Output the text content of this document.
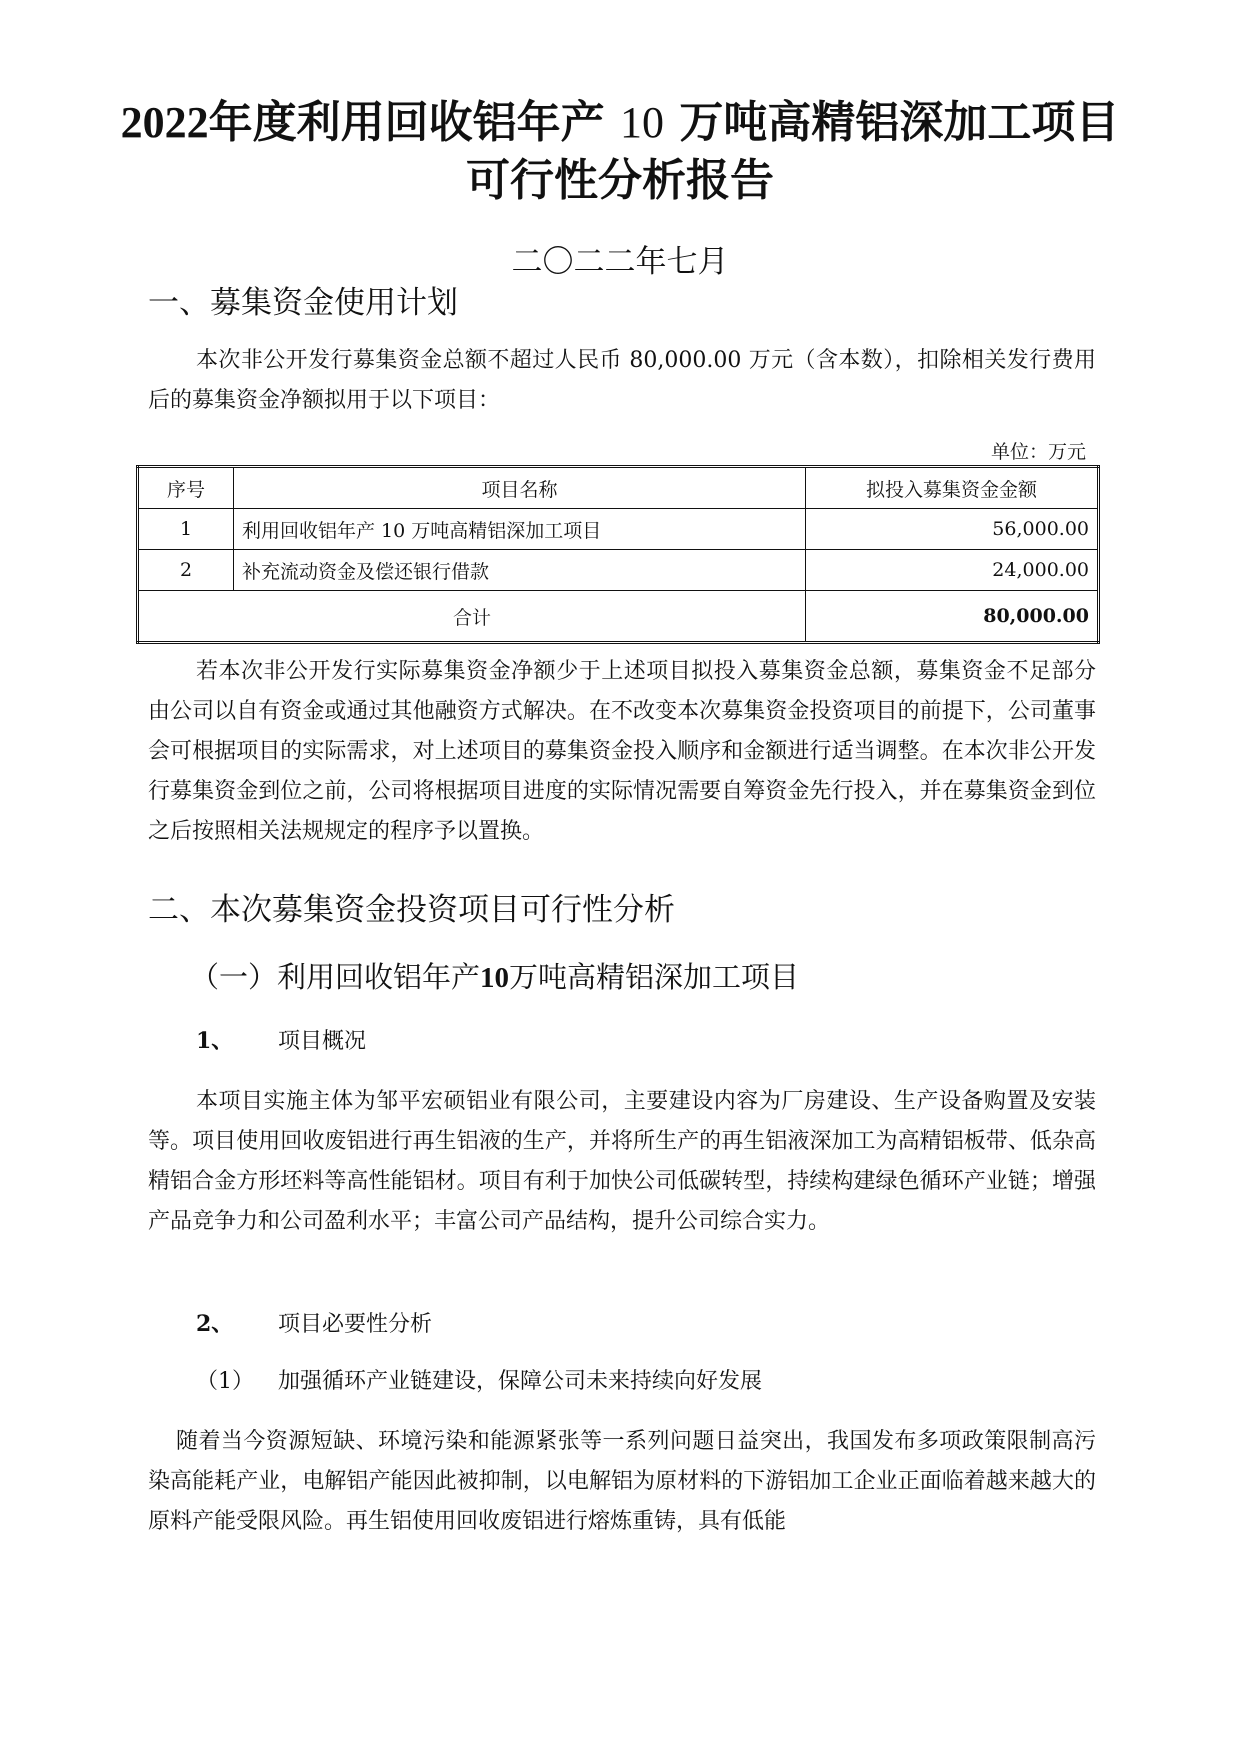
2022年度利用回收铝年产 10 万吨高精铝深加工项目
可行性分析报告
二〇二二年七月
一、募集资金使用计划
本次非公开发行募集资金总额不超过人民币 80,000.00 万元（含本数），扣除相关发行费用后的募集资金净额拟用于以下项目：
单位：万元
序号	项目名称	拟投入募集资金金额
1	利用回收铝年产 10 万吨高精铝深加工项目	56,000.00
2	补充流动资金及偿还银行借款	24,000.00
合计		80,000.00
若本次非公开发行实际募集资金净额少于上述项目拟投入募集资金总额，募集资金不足部分由公司以自有资金或通过其他融资方式解决。在不改变本次募集资金投资项目的前提下，公司董事会可根据项目的实际需求，对上述项目的募集资金投入顺序和金额进行适当调整。在本次非公开发行募集资金到位之前，公司将根据项目进度的实际情况需要自筹资金先行投入，并在募集资金到位之后按照相关法规规定的程序予以置换。
二、本次募集资金投资项目可行性分析
（一）利用回收铝年产10万吨高精铝深加工项目
1、 项目概况
本项目实施主体为邹平宏硕铝业有限公司，主要建设内容为厂房建设、生产设备购置及安装等。项目使用回收废铝进行再生铝液的生产，并将所生产的再生铝液深加工为高精铝板带、低杂高精铝合金方形坯料等高性能铝材。项目有利于加快公司低碳转型，持续构建绿色循环产业链；增强产品竞争力和公司盈利水平；丰富公司产品结构，提升公司综合实力。
2、 项目必要性分析
（1） 加强循环产业链建设，保障公司未来持续向好发展
随着当今资源短缺、环境污染和能源紧张等一系列问题日益突出，我国发布多项政策限制高污染高能耗产业，电解铝产能因此被抑制，以电解铝为原材料的下游铝加工企业正面临着越来越大的原料产能受限风险。再生铝使用回收废铝进行熔炼重铸，具有低能
